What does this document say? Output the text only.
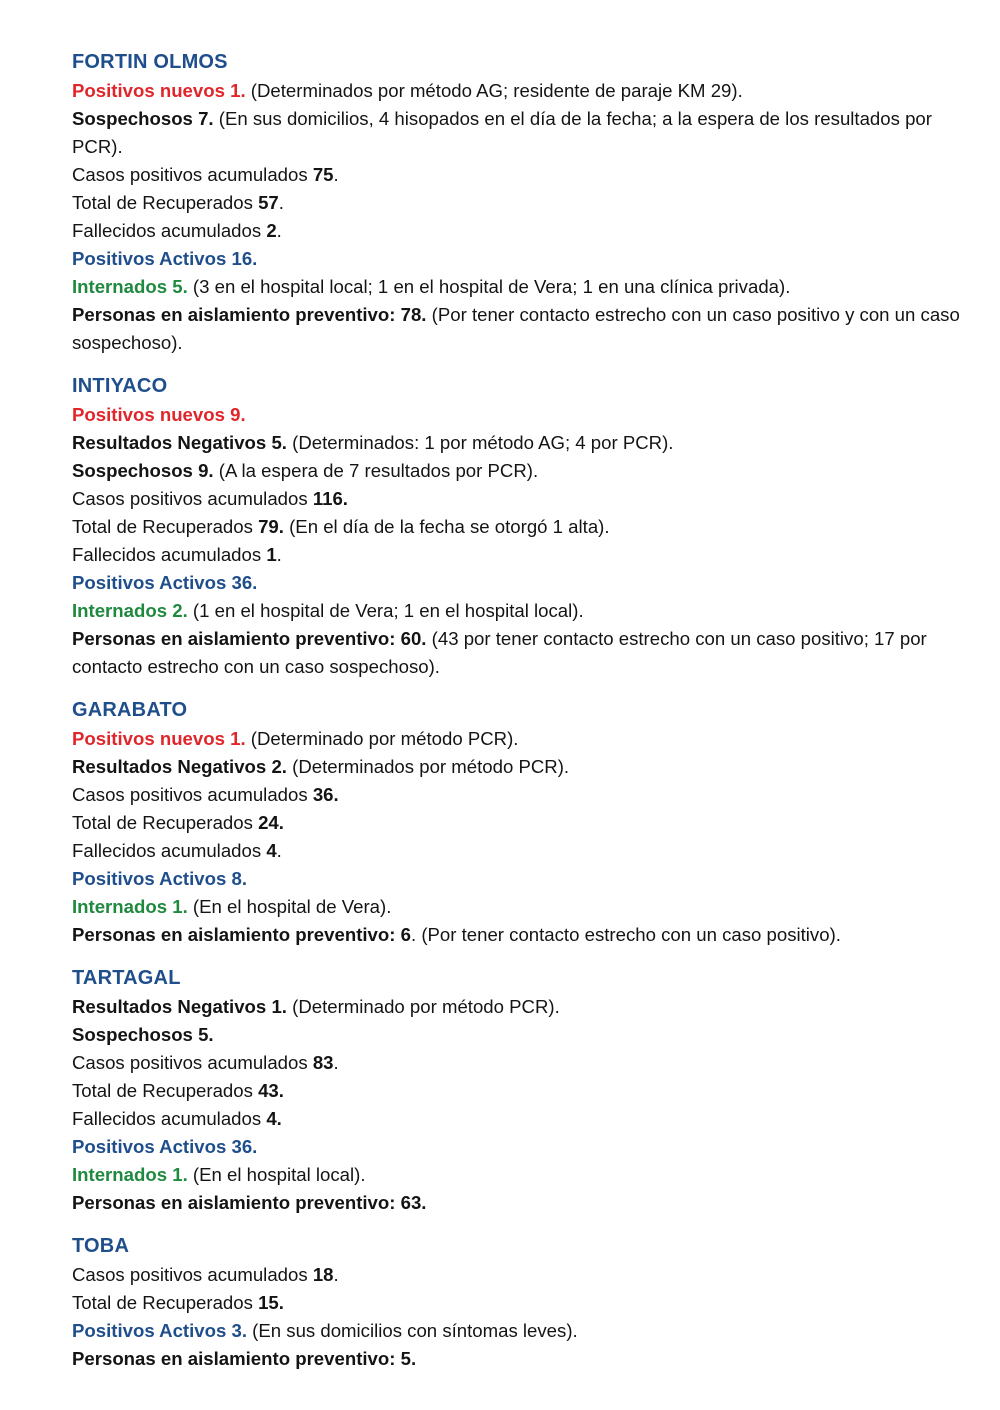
FORTIN OLMOS

Positivos nuevos 1. (Determinados por método AG; residente de paraje KM 29).

Sospechosos 7. (En sus domicilios, 4 hisopados en el día de la fecha; a la espera de los resultados por PCR).

Casos positivos acumulados 75.

Total de Recuperados 57.

Fallecidos acumulados 2.

Positivos Activos 16.

Internados 5. (3 en el hospital local; 1 en el hospital de Vera; 1 en una clínica privada).

Personas en aislamiento preventivo: 78. (Por tener contacto estrecho con un caso positivo y con un caso sospechoso).

INTIYACO

Positivos nuevos 9.

Resultados Negativos 5. (Determinados: 1 por método AG; 4 por PCR).

Sospechosos 9. (A la espera de 7 resultados por PCR).

Casos positivos acumulados 116.

Total de Recuperados 79. (En el día de la fecha se otorgó 1 alta).

Fallecidos acumulados 1.

Positivos Activos 36.

Internados 2. (1 en el hospital de Vera; 1 en el hospital local).

Personas en aislamiento preventivo: 60. (43 por tener contacto estrecho con un caso positivo; 17 por contacto estrecho con un caso sospechoso).

GARABATO

Positivos nuevos 1. (Determinado por método PCR).

Resultados Negativos 2. (Determinados por método PCR).

Casos positivos acumulados 36.

Total de Recuperados 24.

Fallecidos acumulados 4.

Positivos Activos 8.

Internados 1. (En el hospital de Vera).

Personas en aislamiento preventivo: 6. (Por tener contacto estrecho con un caso positivo).

TARTAGAL

Resultados Negativos 1. (Determinado por método PCR).

Sospechosos 5.

Casos positivos acumulados 83.

Total de Recuperados 43.

Fallecidos acumulados 4.

Positivos Activos 36.

Internados 1. (En el hospital local).

Personas en aislamiento preventivo: 63.

TOBA

Casos positivos acumulados 18.

Total de Recuperados 15.

Positivos Activos 3. (En sus domicilios con síntomas leves).

Personas en aislamiento preventivo: 5.
